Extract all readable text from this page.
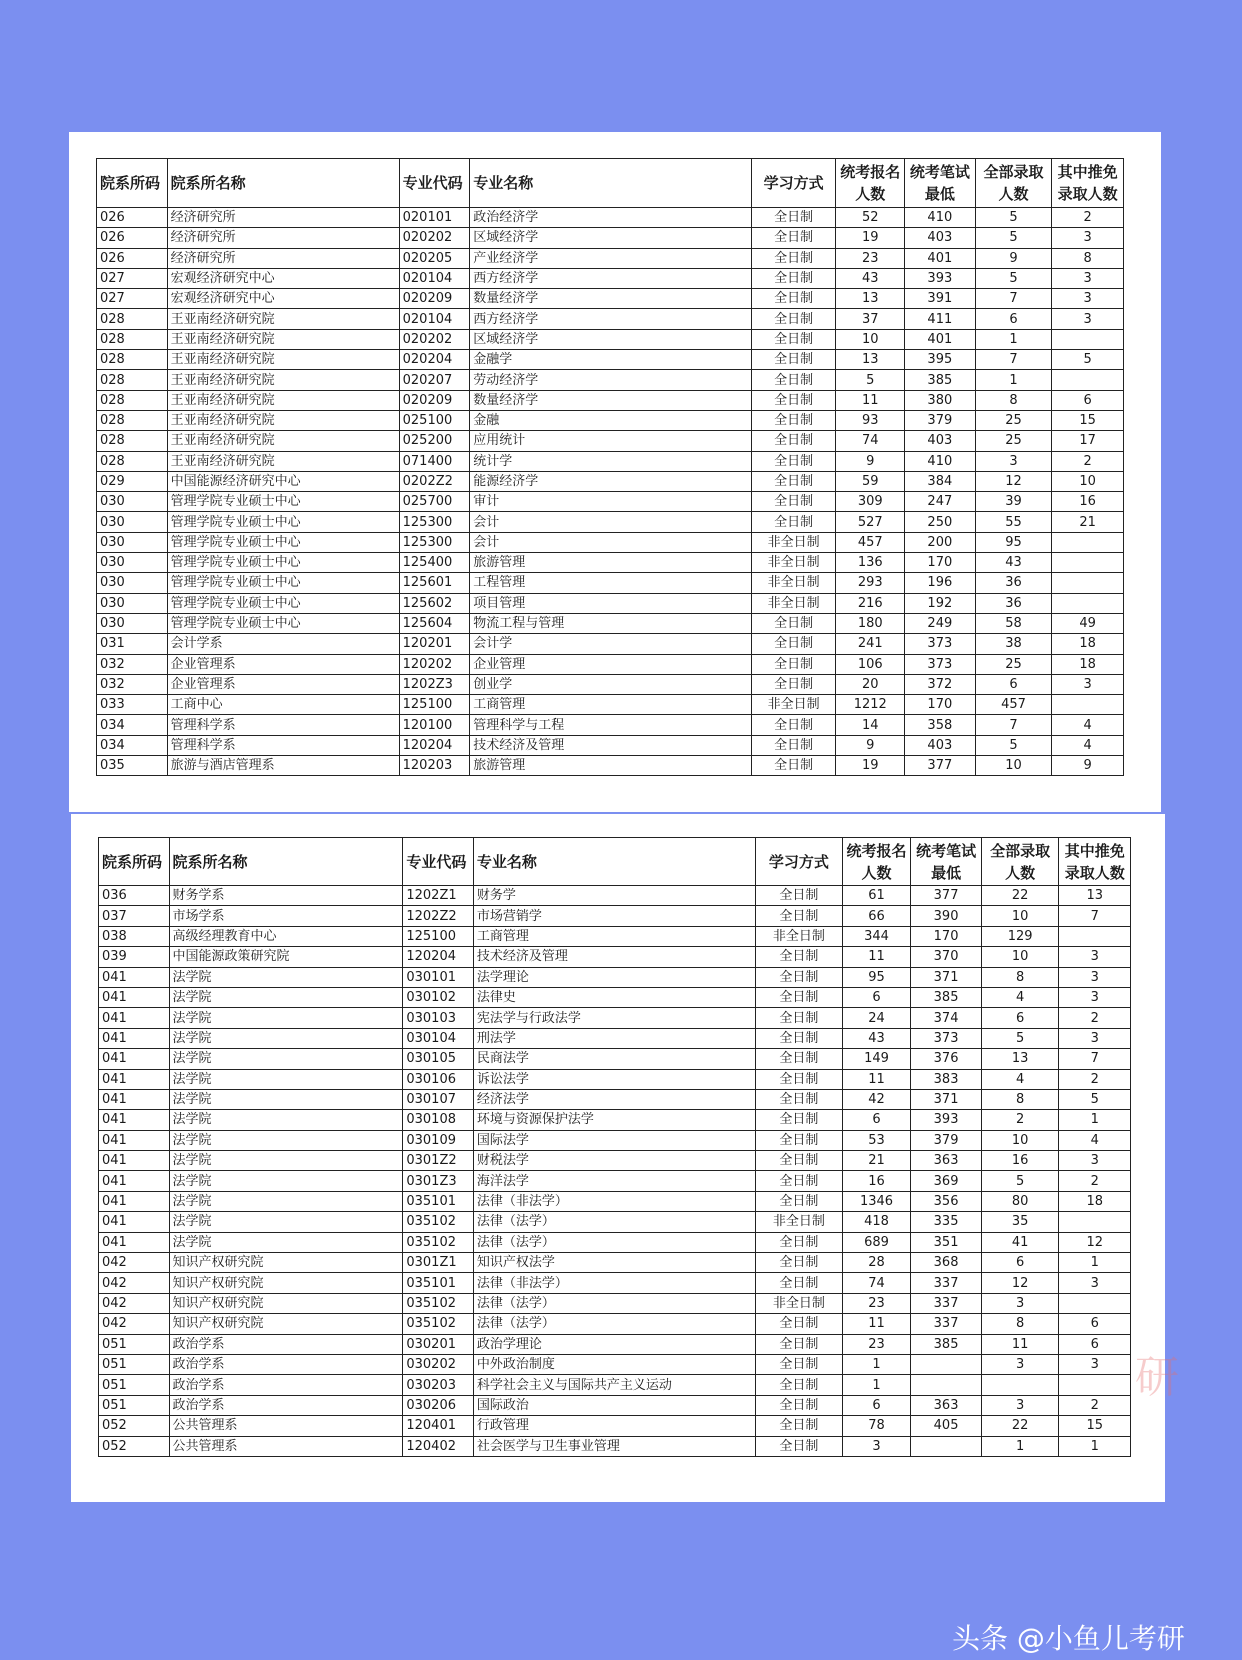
院系所码	院系所名称	专业代码	专业名称	学习方式	统考报名人数	统考笔试最低	全部录取人数	其中推免录取人数
026	经济研究所	020101	政治经济学	全日制	52	410	5	2
026	经济研究所	020202	区域经济学	全日制	19	403	5	3
026	经济研究所	020205	产业经济学	全日制	23	401	9	8
027	宏观经济研究中心	020104	西方经济学	全日制	43	393	5	3
027	宏观经济研究中心	020209	数量经济学	全日制	13	391	7	3
028	王亚南经济研究院	020104	西方经济学	全日制	37	411	6	3
028	王亚南经济研究院	020202	区域经济学	全日制	10	401	1	
028	王亚南经济研究院	020204	金融学	全日制	13	395	7	5
028	王亚南经济研究院	020207	劳动经济学	全日制	5	385	1	
028	王亚南经济研究院	020209	数量经济学	全日制	11	380	8	6
028	王亚南经济研究院	025100	金融	全日制	93	379	25	15
028	王亚南经济研究院	025200	应用统计	全日制	74	403	25	17
028	王亚南经济研究院	071400	统计学	全日制	9	410	3	2
029	中国能源经济研究中心	0202Z2	能源经济学	全日制	59	384	12	10
030	管理学院专业硕士中心	025700	审计	全日制	309	247	39	16
030	管理学院专业硕士中心	125300	会计	全日制	527	250	55	21
030	管理学院专业硕士中心	125300	会计	非全日制	457	200	95	
030	管理学院专业硕士中心	125400	旅游管理	非全日制	136	170	43	
030	管理学院专业硕士中心	125601	工程管理	非全日制	293	196	36	
030	管理学院专业硕士中心	125602	项目管理	非全日制	216	192	36	
030	管理学院专业硕士中心	125604	物流工程与管理	全日制	180	249	58	49
031	会计学系	120201	会计学	全日制	241	373	38	18
032	企业管理系	120202	企业管理	全日制	106	373	25	18
032	企业管理系	1202Z3	创业学	全日制	20	372	6	3
033	工商中心	125100	工商管理	非全日制	1212	170	457	
034	管理科学系	120100	管理科学与工程	全日制	14	358	7	4
034	管理科学系	120204	技术经济及管理	全日制	9	403	5	4
035	旅游与酒店管理系	120203	旅游管理	全日制	19	377	10	9
院系所码	院系所名称	专业代码	专业名称	学习方式	统考报名人数	统考笔试最低	全部录取人数	其中推免录取人数
036	财务学系	1202Z1	财务学	全日制	61	377	22	13
037	市场学系	1202Z2	市场营销学	全日制	66	390	10	7
038	高级经理教育中心	125100	工商管理	非全日制	344	170	129	
039	中国能源政策研究院	120204	技术经济及管理	全日制	11	370	10	3
041	法学院	030101	法学理论	全日制	95	371	8	3
041	法学院	030102	法律史	全日制	6	385	4	3
041	法学院	030103	宪法学与行政法学	全日制	24	374	6	2
041	法学院	030104	刑法学	全日制	43	373	5	3
041	法学院	030105	民商法学	全日制	149	376	13	7
041	法学院	030106	诉讼法学	全日制	11	383	4	2
041	法学院	030107	经济法学	全日制	42	371	8	5
041	法学院	030108	环境与资源保护法学	全日制	6	393	2	1
041	法学院	030109	国际法学	全日制	53	379	10	4
041	法学院	0301Z2	财税法学	全日制	21	363	16	3
041	法学院	0301Z3	海洋法学	全日制	16	369	5	2
041	法学院	035101	法律（非法学）	全日制	1346	356	80	18
041	法学院	035102	法律（法学）	非全日制	418	335	35	
041	法学院	035102	法律（法学）	全日制	689	351	41	12
042	知识产权研究院	0301Z1	知识产权法学	全日制	28	368	6	1
042	知识产权研究院	035101	法律（非法学）	全日制	74	337	12	3
042	知识产权研究院	035102	法律（法学）	非全日制	23	337	3	
042	知识产权研究院	035102	法律（法学）	全日制	11	337	8	6
051	政治学系	030201	政治学理论	全日制	23	385	11	6
051	政治学系	030202	中外政治制度	全日制	1		3	3
051	政治学系	030203	科学社会主义与国际共产主义运动	全日制	1			
051	政治学系	030206	国际政治	全日制	6	363	3	2
052	公共管理系	120401	行政管理	全日制	78	405	22	15
052	公共管理系	120402	社会医学与卫生事业管理	全日制	3		1	1
研
头条 @小鱼儿考研
